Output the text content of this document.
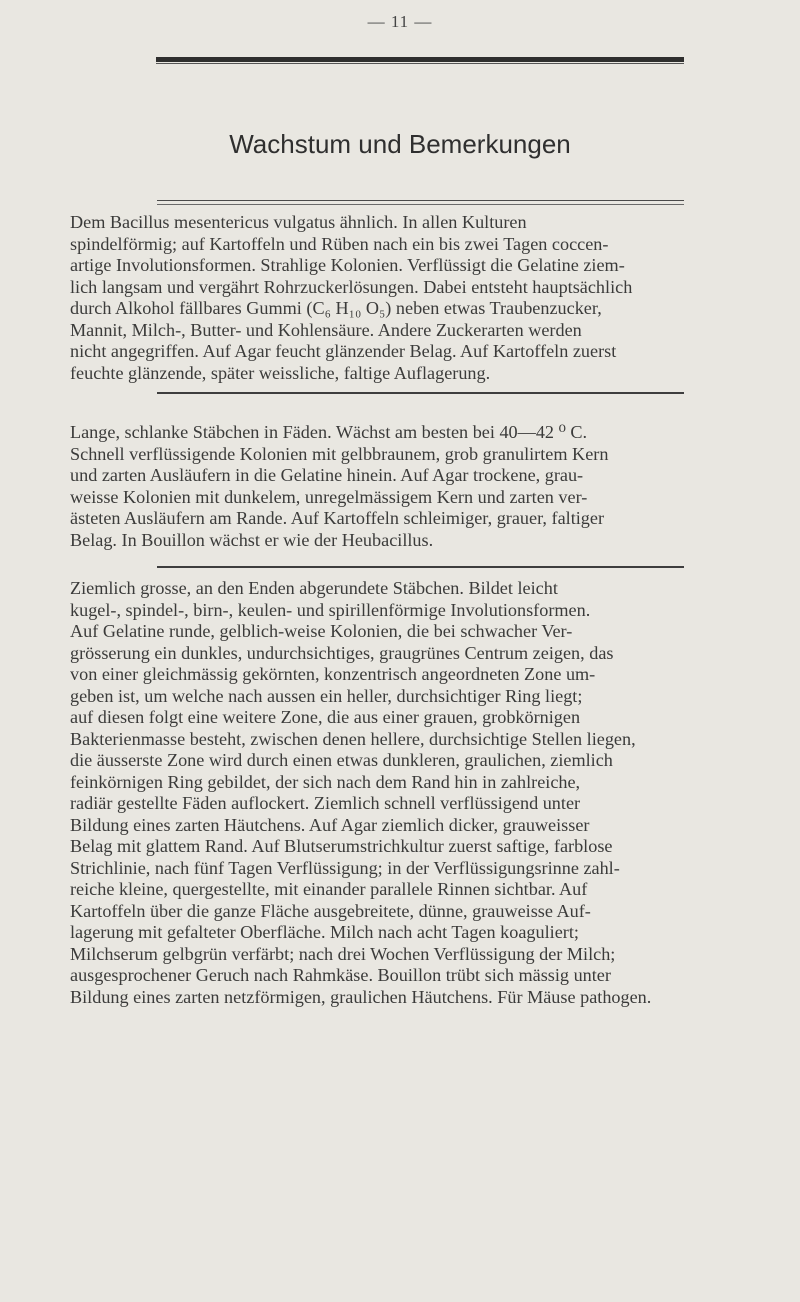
— 11 —
Wachstum und Bemerkungen

Dem Bacillus mesentericus vulgatus ähnlich. In allen Kulturen spindelförmig; auf Kartoffeln und Rüben nach ein bis zwei Tagen coccen- artige Involutionsformen. Strahlige Kolonien. Verflüssigt die Gelatine ziem- lich langsam und vergährt Rohrzuckerlösungen. Dabei entsteht hauptsächlich durch Alkohol fällbares Gummi (C₆ H₁₀ O₅) neben etwas Traubenzucker, Mannit, Milch-, Butter- und Kohlensäure. Andere Zuckerarten werden nicht angegriffen. Auf Agar feucht glänzender Belag. Auf Kartoffeln zuerst feuchte glänzende, später weissliche, faltige Auflagerung.

Lange, schlanke Stäbchen in Fäden. Wächst am besten bei 40—42 ⁰ C. Schnell verflüssigende Kolonien mit gelbbraunem, grob granulirtem Kern und zarten Ausläufern in die Gelatine hinein. Auf Agar trockene, grau- weisse Kolonien mit dunkelem, unregelmässigem Kern und zarten ver- ästeten Ausläufern am Rande. Auf Kartoffeln schleimiger, grauer, faltiger Belag. In Bouillon wächst er wie der Heubacillus.

Ziemlich grosse, an den Enden abgerundete Stäbchen. Bildet leicht kugel-, spindel-, birn-, keulen- und spirillenförmige Involutionsformen. Auf Gelatine runde, gelblich-weise Kolonien, die bei schwacher Ver- grösserung ein dunkles, undurchsichtiges, graugrünes Centrum zeigen, das von einer gleichmässig gekörnten, konzentrisch angeordneten Zone um- geben ist, um welche nach aussen ein heller, durchsichtiger Ring liegt; auf diesen folgt eine weitere Zone, die aus einer grauen, grobkörnigen Bakterienmasse besteht, zwischen denen hellere, durchsichtige Stellen liegen, die äusserste Zone wird durch einen etwas dunkleren, graulichen, ziemlich feinkörnigen Ring gebildet, der sich nach dem Rand hin in zahlreiche, radiär gestellte Fäden auflockert. Ziemlich schnell verflüssigend unter Bildung eines zarten Häutchens. Auf Agar ziemlich dicker, grauweisser Belag mit glattem Rand. Auf Blutserumstrichkultur zuerst saftige, farblose Strichlinie, nach fünf Tagen Verflüssigung; in der Verflüssigungsrinne zahl- reiche kleine, quergestellte, mit einander parallele Rinnen sichtbar. Auf Kartoffeln über die ganze Fläche ausgebreitete, dünne, grauweisse Auf- lagerung mit gefalteter Oberfläche. Milch nach acht Tagen koaguliert; Milchserum gelbgrün verfärbt; nach drei Wochen Verflüssigung der Milch; ausgesprochener Geruch nach Rahmkäse. Bouillon trübt sich mässig unter Bildung eines zarten netzförmigen, graulichen Häutchens. Für Mäuse pathogen.
